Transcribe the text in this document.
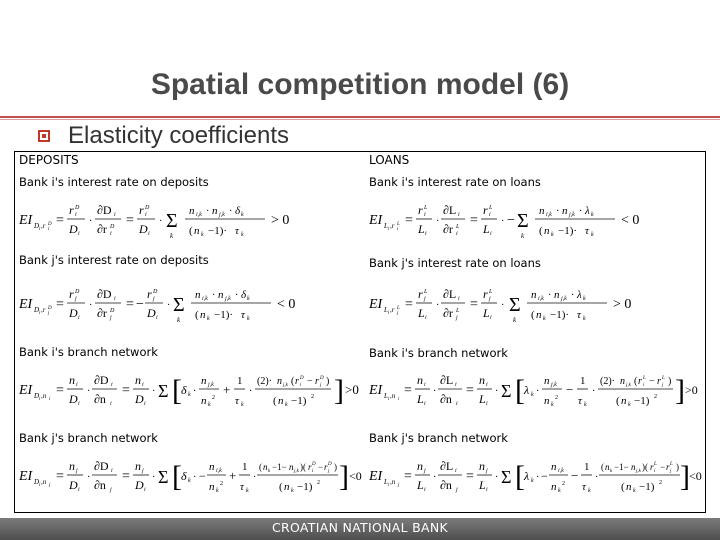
Spatial competition model (6)
Elasticity coefficients
DEPOSITS
Bank i's interest rate on deposits
EI D i ,r i
D =
r i
D
D i
·
∂D i
∂r i
D =
r i
D
D i
· Σ
k
n i,k · n j,k · δ k
( n k −1)· τ k
> 0
Bank j's interest rate on deposits
EI D i ,r j
D =
r j
D
D i
·
∂D i
∂r j
D = −
r j
D
D i
· Σ
k
n i,k · n j,k · δ k
( n k −1)· τ k
< 0
Bank i's branch network
EI D i ,n i
=
n i
D i
·
∂D i
∂n i
=
n i
D i
· Σ [ δ k ·
n j,k
n k
2
+
1
τ k
·
(2)· n j,k ( r i
D − r j
D )
( n k −1) 2 ] >0
Bank j's branch network
EI D i ,n j
=
n j
D i
·
∂D i
∂n j
=
n j
D i
· Σ [ δ k · −
n i,k
n k
2
+
1
τ k
·
( n k −1− n j,k )( r i
D − r j
D )
( n k −1) 2 ] <0
LOANS
Bank i's interest rate on loans
EI L i ,r i
L =
r i
L
L i
·
∂L i
∂r i
L =
r i
L
L i
· − Σ
k
n i,k · n j,k · λ k
( n k −1)· τ k
< 0
Bank j's interest rate on loans
EI L i ,r j
L =
r j
L
L i
·
∂L i
∂r j
L =
r j
L
L i
· Σ
k
n i,k · n j,k · λ k
( n k −1)· τ k
> 0
Bank i's branch network
EI L i ,n i
=
n i
L i
·
∂L i
∂n i
=
n i
L i
· Σ [ λ k ·
n j,k
n k
2
−
1
τ k
·
(2)· n j,k ( r i
L − r j
L )
( n k −1) 2 ] >0
Bank j's branch network
EI L i ,n j
=
n j
L i
·
∂L i
∂n j
=
n j
L i
· Σ [ λ k · −
n i,k
n k
2
−
1
τ k
·
( n k −1− n j,k )( r i
L − r j
L )
( n k −1) 2 ] <0
CROATIAN NATIONAL BANK
